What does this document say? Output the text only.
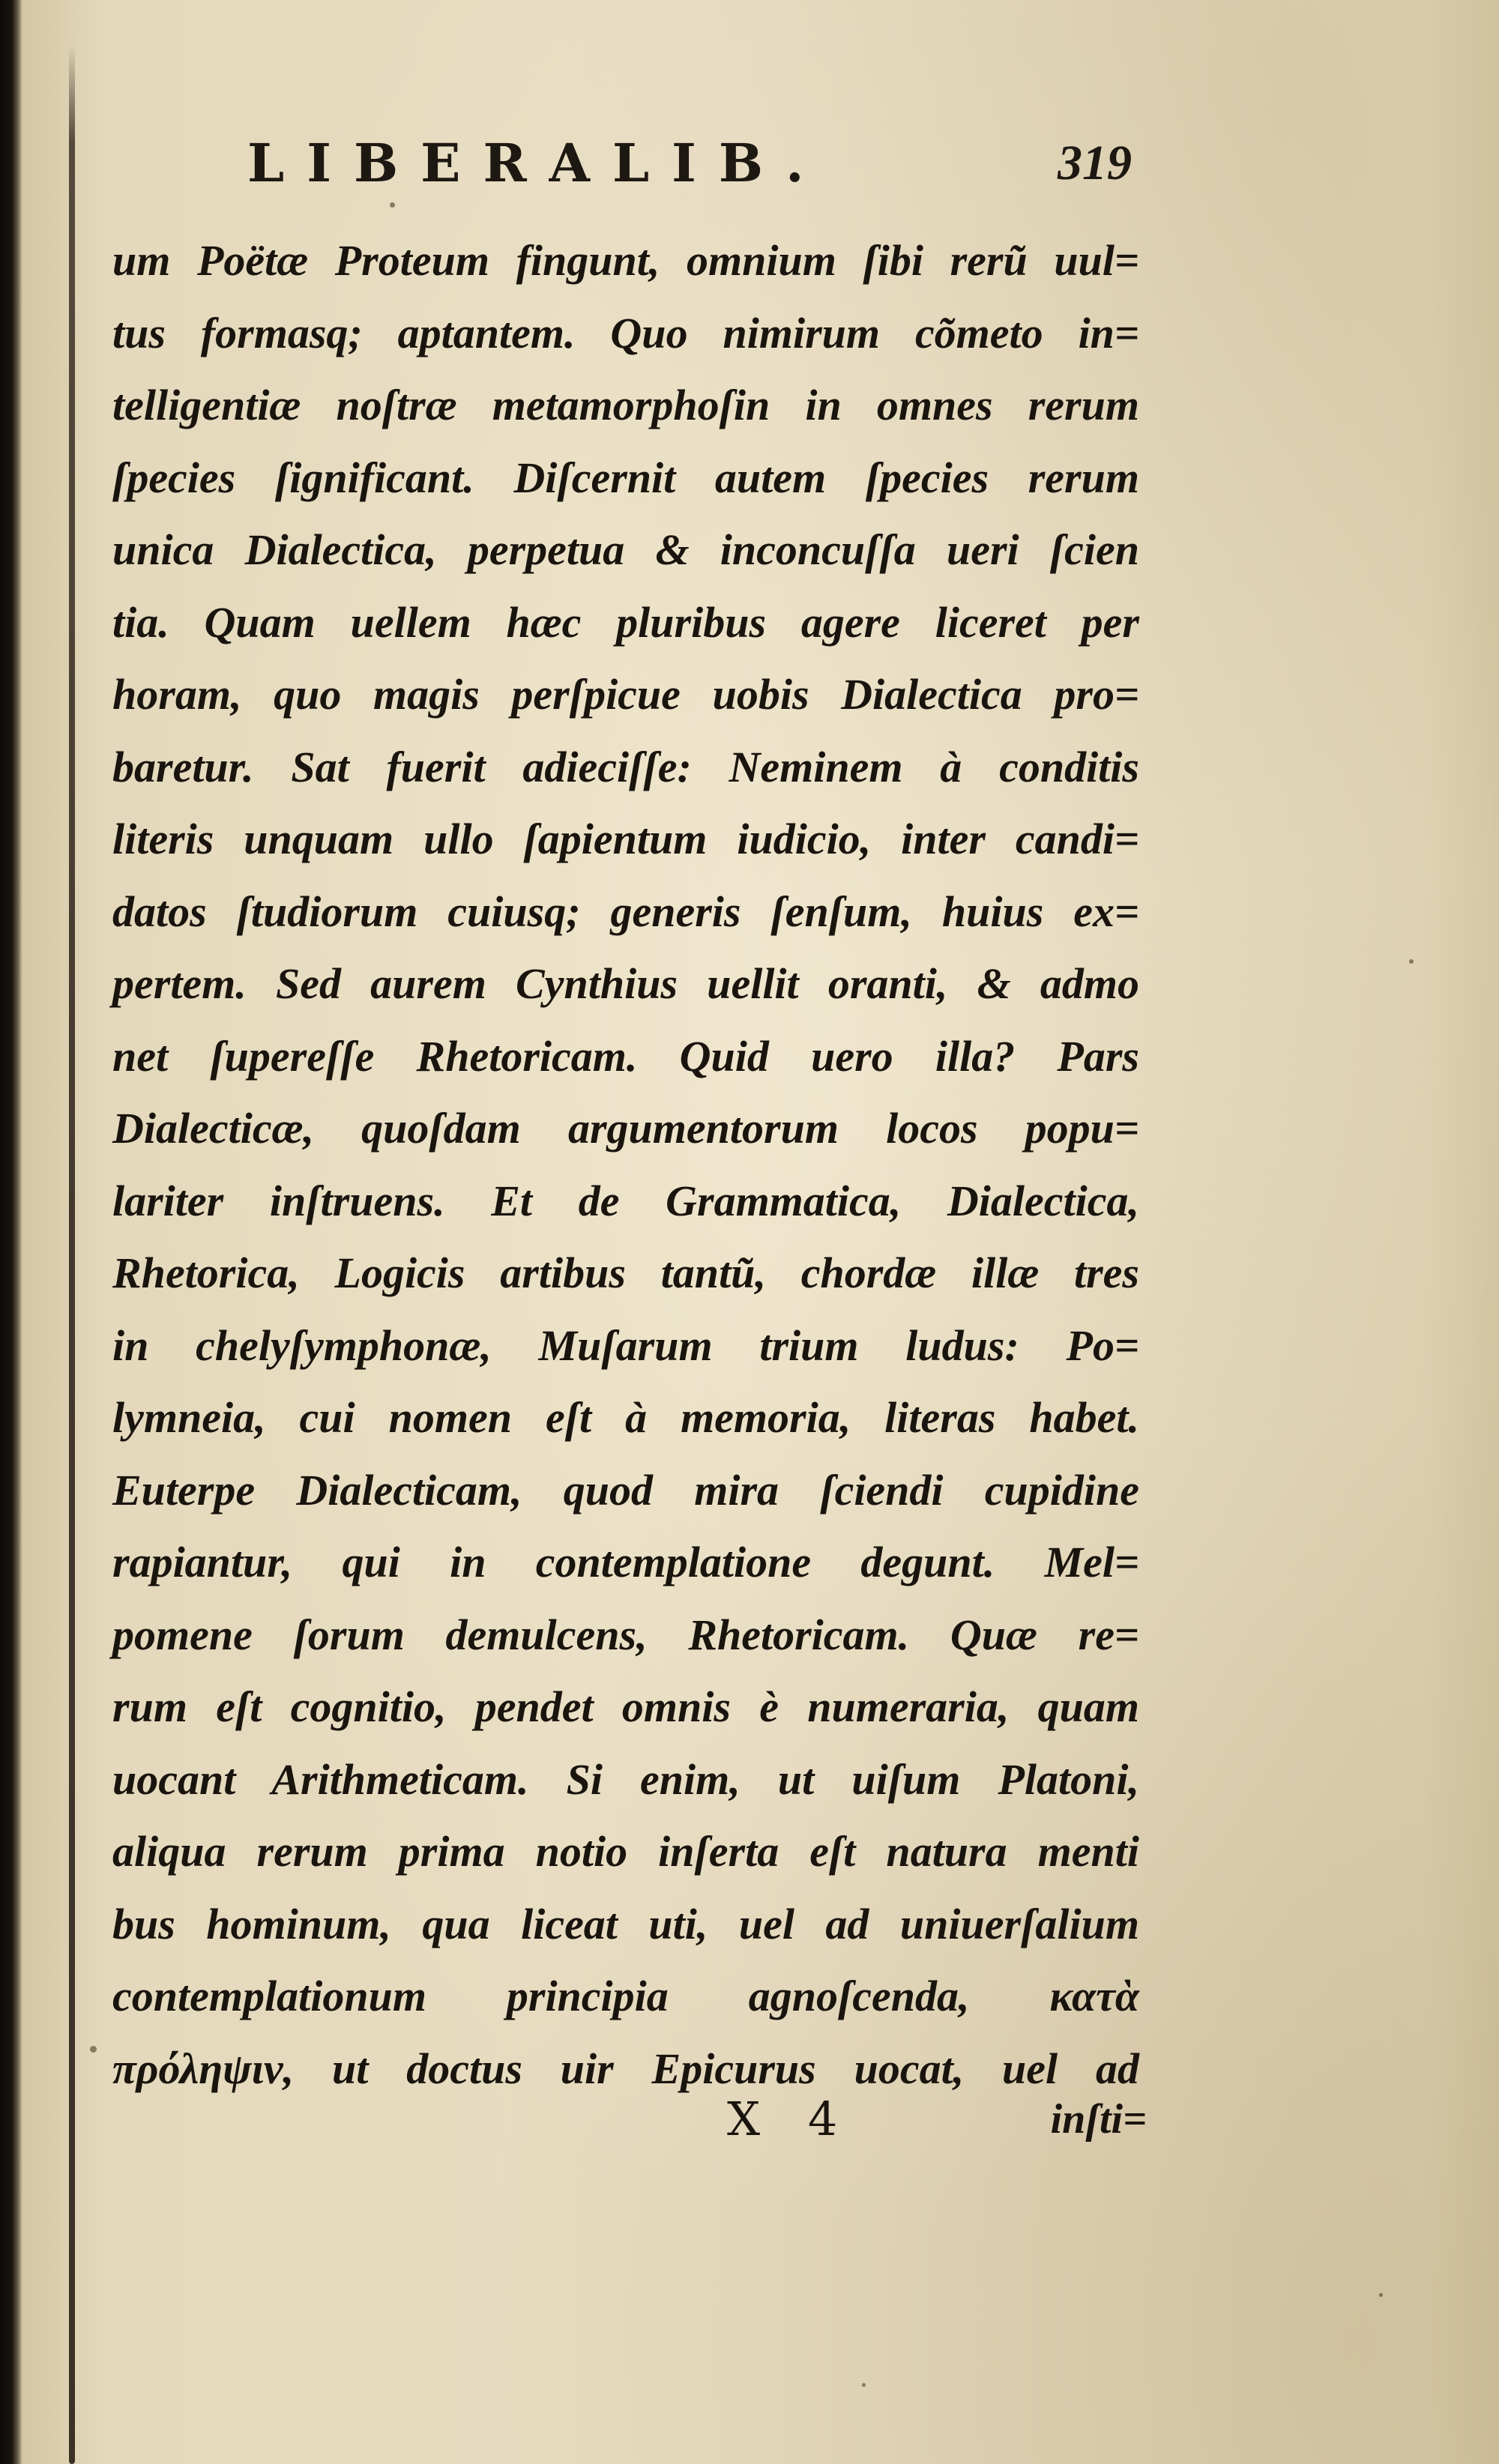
LIBERALIB.	319
um Poëtæ Proteum fingunt, omnium ſibi rerũ uul=
tus formasq; aptantem. Quo nimirum cõmeto in=
telligentiæ noſtræ metamorphoſin in omnes rerum
ſpecies ſignificant. Diſcernit autem ſpecies rerum
unica Dialectica, perpetua & inconcuſſa ueri ſcien
tia. Quam uellem hæc pluribus agere liceret per
horam, quo magis perſpicue uobis Dialectica pro=
baretur. Sat fuerit adieciſſe: Neminem à conditis
literis unquam ullo ſapientum iudicio, inter candi=
datos ſtudiorum cuiusq; generis ſenſum, huius ex=
pertem. Sed aurem Cynthius uellit oranti, & admo
net ſupereſſe Rhetoricam. Quid uero illa? Pars
Dialecticæ, quoſdam argumentorum locos popu=
lariter inſtruens. Et de Grammatica, Dialectica,
Rhetorica, Logicis artibus tantũ, chordæ illæ tres
in chelyſymphonæ, Muſarum trium ludus: Po=
lymneia, cui nomen eſt à memoria, literas habet.
Euterpe Dialecticam, quod mira ſciendi cupidine
rapiantur, qui in contemplatione degunt. Mel=
pomene ſorum demulcens, Rhetoricam. Quæ re=
rum eſt cognitio, pendet omnis è numeraria, quam
uocant Arithmeticam. Si enim, ut uiſum Platoni,
aliqua rerum prima notio inſerta eſt natura menti
bus hominum, qua liceat uti, uel ad uniuerſalium
contemplationum principia agnoſcenda, κατὰ
πρόληψιν, ut doctus uir Epicurus uocat, uel ad
X 4	inſti=
